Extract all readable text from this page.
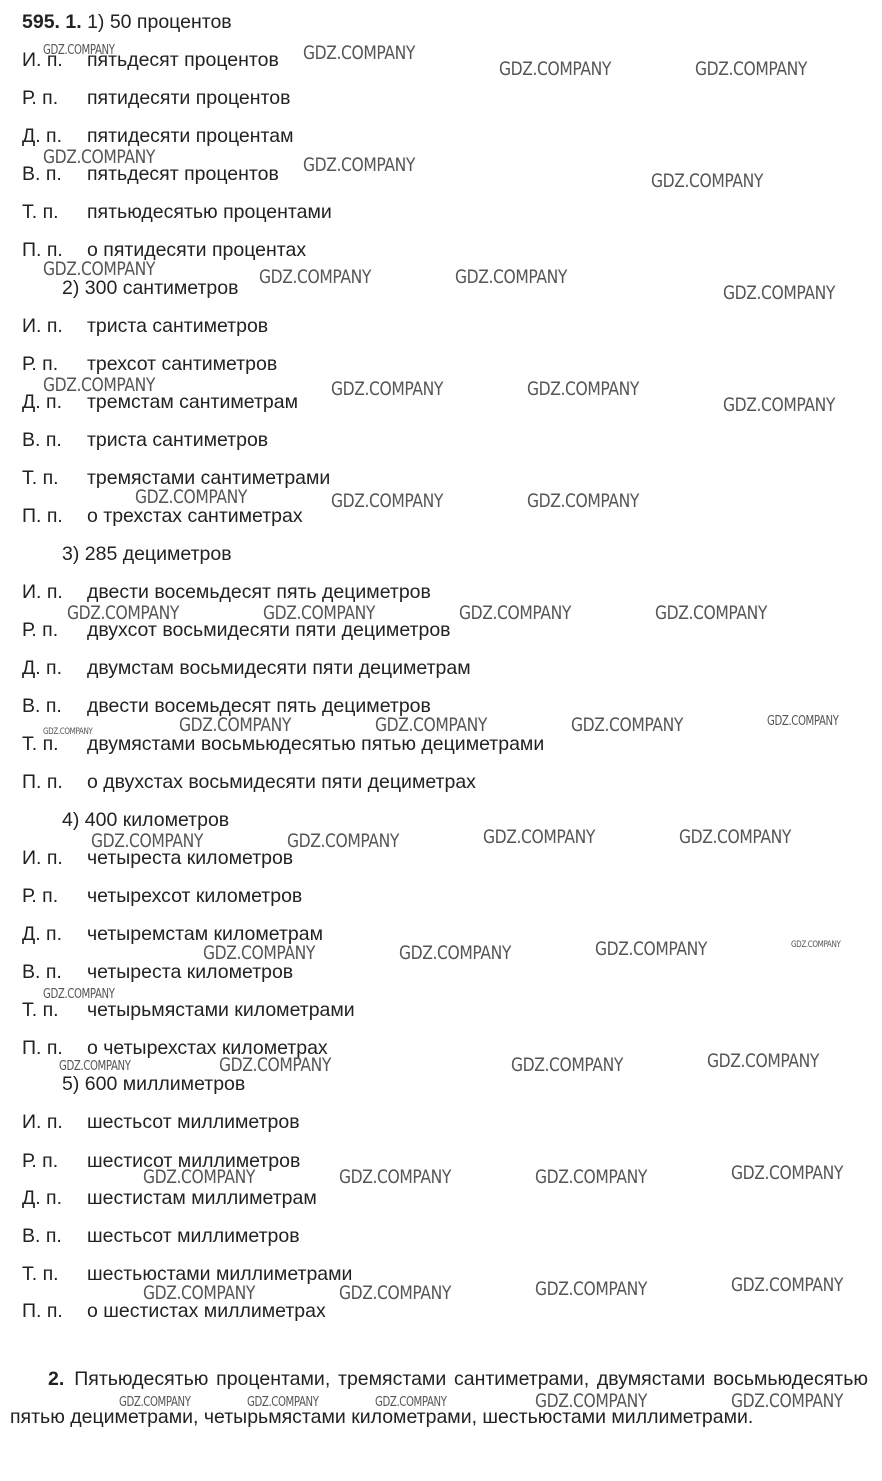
595. 1. 1) 50 процентов
И. п.	пятьдесят процентов
Р. п.	пятидесяти процентов
Д. п.	пятидесяти процентам
В. п.	пятьдесят процентов
Т. п.	пятьюдесятью процентами
П. п.	о пятидесяти процентах
2) 300 сантиметров
И. п.	триста сантиметров
Р. п.	трехсот сантиметров
Д. п.	тремстам сантиметрам
В. п.	триста сантиметров
Т. п.	тремястами сантиметрами
П. п.	о трехстах сантиметрах
3) 285 дециметров
И. п.	двести восемьдесят пять дециметров
Р. п.	двухсот восьмидесяти пяти дециметров
Д. п.	двумстам восьмидесяти пяти дециметрам
В. п.	двести восемьдесят пять дециметров
Т. п.	двумястами восьмьюдесятью пятью дециметрами
П. п.	о двухстах восьмидесяти пяти дециметрах
4) 400 километров
И. п.	четыреста километров
Р. п.	четырехсот километров
Д. п.	четыремстам километрам
В. п.	четыреста километров
Т. п.	четырьмястами километрами
П. п.	о четырехстах километрах
5) 600 миллиметров
И. п.	шестьсот миллиметров
Р. п.	шестисот миллиметров
Д. п.	шестистам миллиметрам
В. п.	шестьсот миллиметров
Т. п.	шестьюстами миллиметрами
П. п.	о шестистах миллиметрах
2. Пятьюдесятью процентами, тремястами сантиметрами, двумястами восьмьюдесятью пятью дециметрами, четырьмястами километрами, шестьюстами миллиметрами.
GDZ.COMPANY	GDZ.COMPANY
GDZ.COMPANY	GDZ.COMPANY
GDZ.COMPANY	GDZ.COMPANY
GDZ.COMPANY
GDZ.COMPANY	GDZ.COMPANY	GDZ.COMPANY
GDZ.COMPANY
GDZ.COMPANY	GDZ.COMPANY	GDZ.COMPANY
GDZ.COMPANY
GDZ.COMPANY	GDZ.COMPANY	GDZ.COMPANY
GDZ.COMPANY	GDZ.COMPANY	GDZ.COMPANY	GDZ.COMPANY
GDZ.COMPANY	GDZ.COMPANY	GDZ.COMPANY	GDZ.COMPANY	GDZ.COMPANY
GDZ.COMPANY	GDZ.COMPANY	GDZ.COMPANY	GDZ.COMPANY
GDZ.COMPANY	GDZ.COMPANY	GDZ.COMPANY	GDZ.COMPANY
GDZ.COMPANY
GDZ.COMPANY	GDZ.COMPANY	GDZ.COMPANY	GDZ.COMPANY
GDZ.COMPANY	GDZ.COMPANY	GDZ.COMPANY	GDZ.COMPANY
GDZ.COMPANY	GDZ.COMPANY	GDZ.COMPANY	GDZ.COMPANY
GDZ.COMPANY	GDZ.COMPANY	GDZ.COMPANY	GDZ.COMPANY	GDZ.COMPANY
